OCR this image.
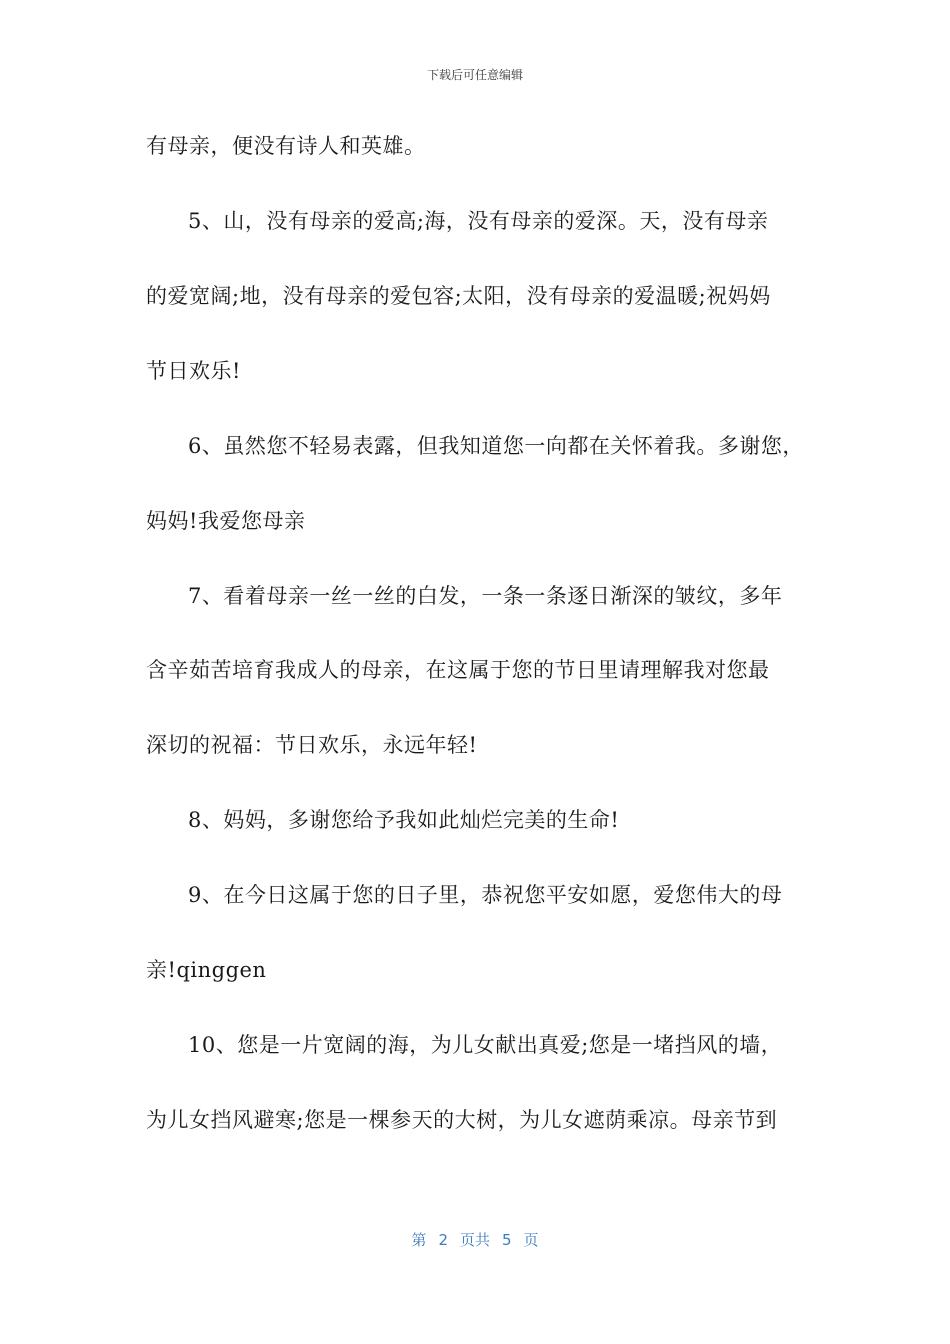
下载后可任意编辑
有母亲，便没有诗人和英雄。
5、山，没有母亲的爱高;海，没有母亲的爱深。天，没有母亲
的爱宽阔;地，没有母亲的爱包容;太阳，没有母亲的爱温暖;祝妈妈
节日欢乐!
6、虽然您不轻易表露，但我知道您一向都在关怀着我。多谢您，
妈妈!我爱您母亲
7、看着母亲一丝一丝的白发，一条一条逐日渐深的皱纹，多年
含辛茹苦培育我成人的母亲，在这属于您的节日里请理解我对您最
深切的祝福：节日欢乐，永远年轻!
8、妈妈，多谢您给予我如此灿烂完美的生命!
9、在今日这属于您的日子里，恭祝您平安如愿，爱您伟大的母
亲!qinggen
10、您是一片宽阔的海，为儿女献出真爱;您是一堵挡风的墙，
为儿女挡风避寒;您是一棵参天的大树，为儿女遮荫乘凉。母亲节到
第 2 页共 5 页
